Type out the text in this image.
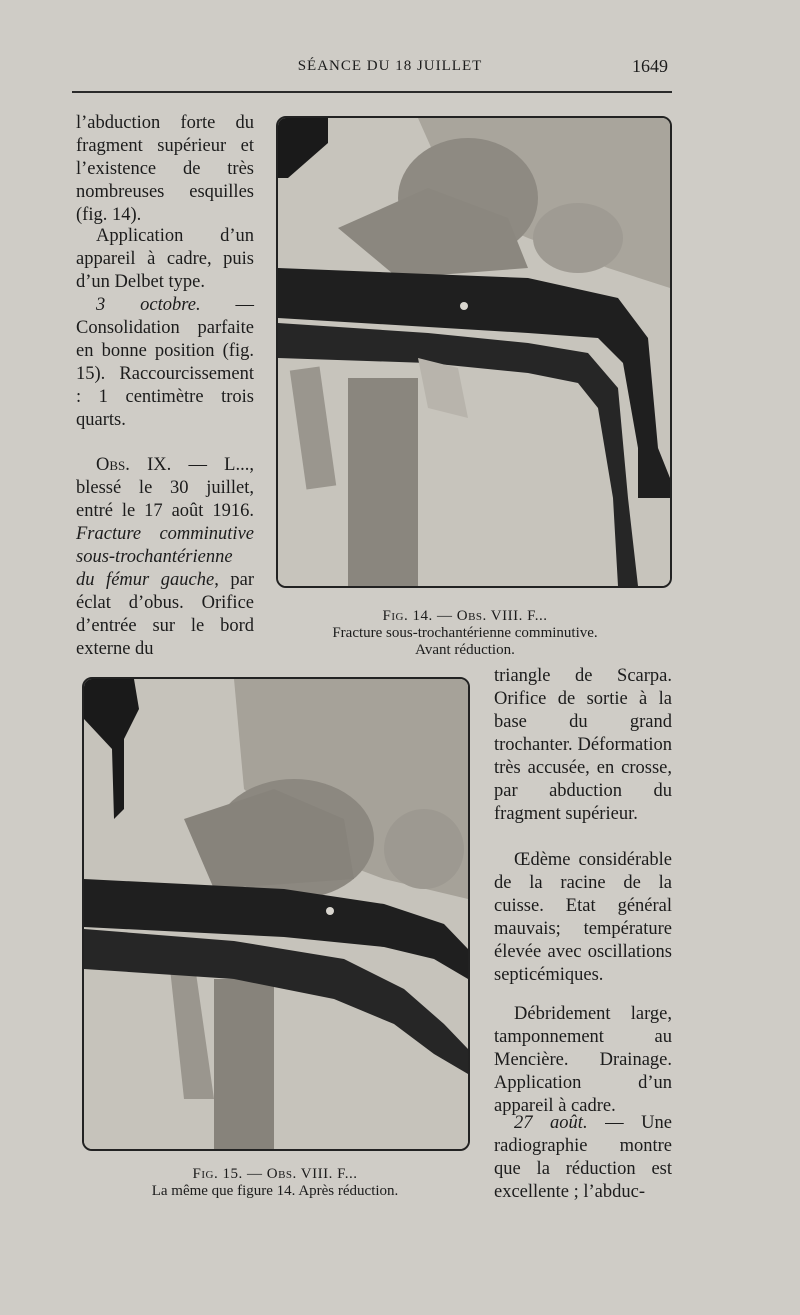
SÉANCE DU 18 JUILLET	1649

l’abduction forte du fragment supérieur et l’existence de très nombreuses esquilles (fig. 14).

Application d’un appareil à cadre, puis d’un Delbet type.

3 octobre. — Consolidation parfaite en bonne position (fig. 15). Raccourcissement : 1 centimètre trois quarts.

Obs. IX. — L..., blessé le 30 juillet, entré le 17 août 1916. Fracture comminutive sous-trochantérienne du fémur gauche, par éclat d’obus. Orifice d’entrée sur le bord externe du

Fig. 14. — Obs. VIII. F...
Fracture sous-trochantérienne comminutive.
Avant réduction.
Fig. 15. — Obs. VIII. F...
La même que figure 14. Après réduction.

triangle de Scarpa. Orifice de sortie à la base du grand trochanter. Déformation très accusée, en crosse, par abduction du fragment supérieur.

Œdème considérable de la racine de la cuisse. Etat général mauvais; température élevée avec oscillations septicémiques.

Débridement large, tamponnement au Mencière. Drainage. Application d’un appareil à cadre.

27 août. — Une radiographie montre que la réduction est excellente ; l’abduc-
